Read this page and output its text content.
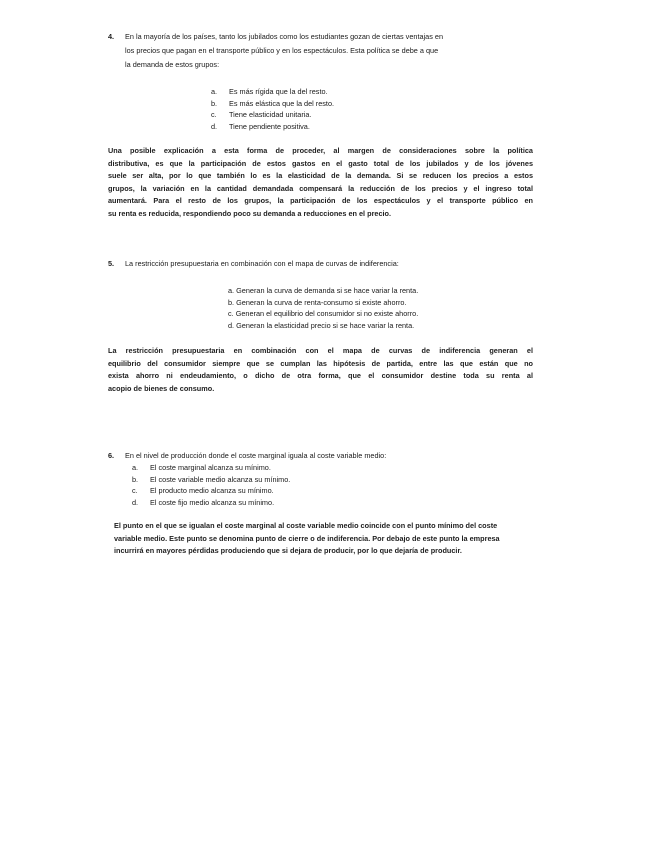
4. En la mayoría de los países, tanto los jubilados como los estudiantes gozan de ciertas ventajas en
los precios que pagan en el transporte público y en los espectáculos. Esta política se debe a que
la demanda de estos grupos:
a. Es más rígida que la del resto.
b. Es más elástica que la del resto.
c. Tiene elasticidad unitaria.
d. Tiene pendiente positiva.
Una posible explicación a esta forma de proceder, al margen de consideraciones sobre la política
distributiva, es que la participación de estos gastos en el gasto total de los jubilados y de los jóvenes
suele ser alta, por lo que también lo es la elasticidad de la demanda. Si se reducen los precios a estos
grupos, la variación en la cantidad demandada compensará la reducción de los precios y el ingreso total
aumentará. Para el resto de los grupos, la participación de los espectáculos y el transporte público en
su renta es reducida, respondiendo poco su demanda a reducciones en el precio.
5. La restricción presupuestaria en combinación con el mapa de curvas de indiferencia:
a. Generan la curva de demanda si se hace variar la renta.
b. Generan la curva de renta-consumo si existe ahorro.
c. Generan el equilibrio del consumidor si no existe ahorro.
d. Generan la elasticidad precio si se hace variar la renta.
La restricción presupuestaria en combinación con el mapa de curvas de indiferencia generan el
equilibrio del consumidor siempre que se cumplan las hipótesis de partida, entre las que están que no
exista ahorro ni endeudamiento, o dicho de otra forma, que el consumidor destine toda su renta al
acopio de bienes de consumo.
6. En el nivel de producción donde el coste marginal iguala al coste variable medio:
a. El coste marginal alcanza su mínimo.
b. El coste variable medio alcanza su mínimo.
c. El producto medio alcanza su mínimo.
d. El coste fijo medio alcanza su mínimo.
El punto en el que se igualan el coste marginal al coste variable medio coincide con el punto mínimo del coste
variable medio. Este punto se denomina punto de cierre o de indiferencia. Por debajo de este punto la empresa
incurrirá en mayores pérdidas produciendo que si dejara de producir, por lo que dejaría de producir.
